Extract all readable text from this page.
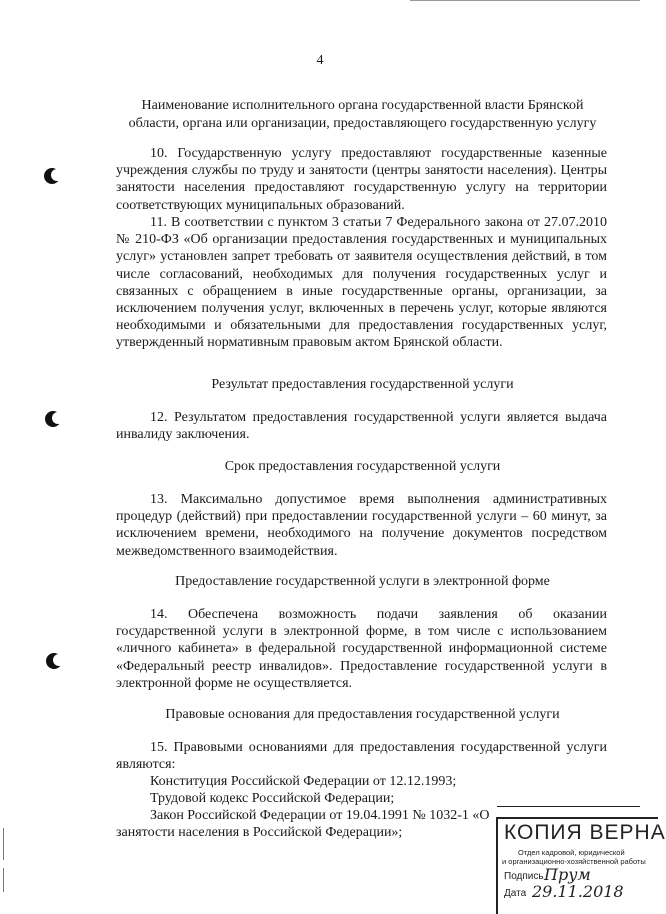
4
Наименование исполнительного органа государственной власти Брянской области, органа или организации, предоставляющего государственную услугу
10. Государственную услугу предоставляют государственные казенные учреждения службы по труду и занятости (центры занятости населения). Центры занятости населения предоставляют государственную услугу на территории соответствующих муниципальных образований.
11. В соответствии с пунктом 3 статьи 7 Федерального закона от 27.07.2010 № 210-ФЗ «Об организации предоставления государственных и муниципальных услуг» установлен запрет требовать от заявителя осуществления действий, в том числе согласований, необходимых для получения государственных услуг и связанных с обращением в иные государственные органы, организации, за исключением получения услуг, включенных в перечень услуг, которые являются необходимыми и обязательными для предоставления государственных услуг, утвержденный нормативным правовым актом Брянской области.
Результат предоставления государственной услуги
12. Результатом предоставления государственной услуги является выдача инвалиду заключения.
Срок предоставления государственной услуги
13. Максимально допустимое время выполнения административных процедур (действий) при предоставлении государственной услуги – 60 минут, за исключением времени, необходимого на получение документов посредством межведомственного взаимодействия.
Предоставление государственной услуги в электронной форме
14. Обеспечена возможность подачи заявления об оказании государственной услуги в электронной форме, в том числе с использованием «личного кабинета» в федеральной государственной информационной системе «Федеральный реестр инвалидов». Предоставление государственной услуги в электронной форме не осуществляется.
Правовые основания для предоставления государственной услуги
15. Правовыми основаниями для предоставления государственной услуги являются:
Конституция Российской Федерации от 12.12.1993;
Трудовой кодекс Российской Федерации;
Закон Российской Федерации от 19.04.1991 № 1032-1 «О занятости населения в Российской Федерации»;	КОПИЯ ВЕРНА
Отдел кадровой, юридической
и организационно-хозяйственной работы
Подпись Прум
Дата 29.11.2018
